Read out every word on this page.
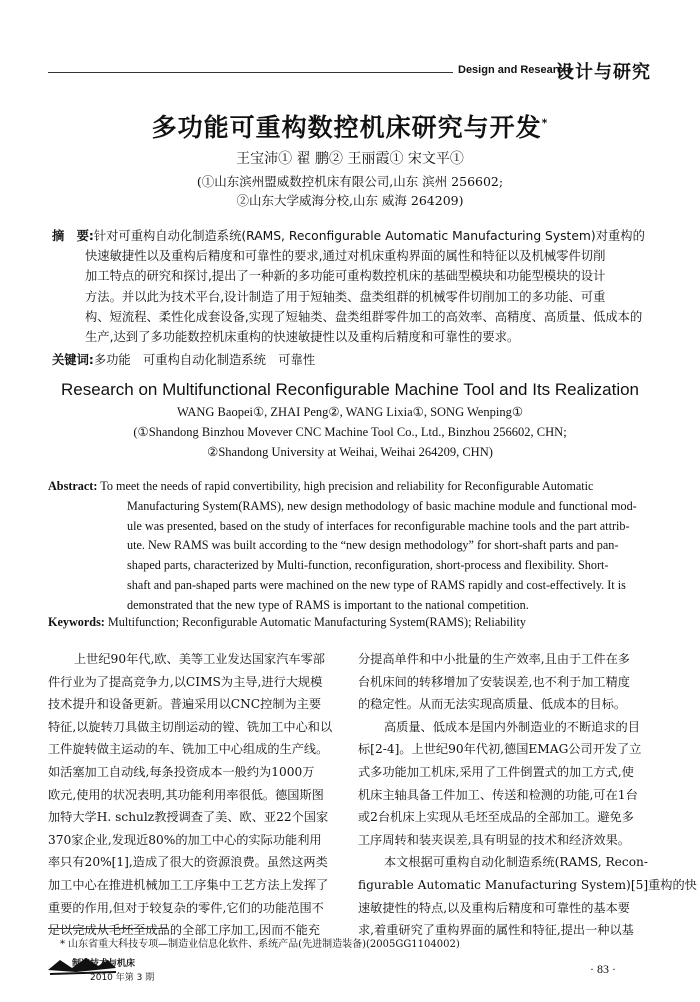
Design and Research
设计与研究
多功能可重构数控机床研究与开发*
王宝沛① 翟 鹏② 王丽霞① 宋文平①
(①山东滨州盟威数控机床有限公司,山东 滨州 256602;
②山东大学威海分校,山东 威海 264209)
摘　要:针对可重构自动化制造系统(RAMS, Reconfigurable Automatic Manufacturing System)对重构的
快速敏捷性以及重构后精度和可靠性的要求,通过对机床重构界面的属性和特征以及机械零件切削
加工特点的研究和探讨,提出了一种新的多功能可重构数控机床的基础型模块和功能型模块的设计
方法。并以此为技术平台,设计制造了用于短轴类、盘类组群的机械零件切削加工的多功能、可重
构、短流程、柔性化成套设备,实现了短轴类、盘类组群零件加工的高效率、高精度、高质量、低成本的
生产,达到了多功能数控机床重构的快速敏捷性以及重构后精度和可靠性的要求。
关键词:多功能　可重构自动化制造系统　可靠性
Research on Multifunctional Reconfigurable Machine Tool and Its Realization
WANG Baopei①, ZHAI Peng②, WANG Lixia①, SONG Wenping①
(①Shandong Binzhou Movever CNC Machine Tool Co., Ltd., Binzhou 256602, CHN;
②Shandong University at Weihai, Weihai 264209, CHN)
Abstract: To meet the needs of rapid convertibility, high precision and reliability for Reconfigurable Automatic
Manufacturing System(RAMS), new design methodology of basic machine module and functional mod-
ule was presented, based on the study of interfaces for reconfigurable machine tools and the part attrib-
ute. New RAMS was built according to the “new design methodology” for short-shaft parts and pan-
shaped parts, characterized by Multi-function, reconfiguration, short-process and flexibility. Short-
shaft and pan-shaped parts were machined on the new type of RAMS rapidly and cost-effectively. It is
demonstrated that the new type of RAMS is important to the national competition.
Keywords: Multifunction; Reconfigurable Automatic Manufacturing System(RAMS); Reliability
上世纪90年代,欧、美等工业发达国家汽车零部
件行业为了提高竞争力,以CIMS为主导,进行大规模
技术提升和设备更新。普遍采用以CNC控制为主要
特征,以旋转刀具做主切削运动的镗、铣加工中心和以
工件旋转做主运动的车、铣加工中心组成的生产线。
如活塞加工自动线,每条投资成本一般约为1000万
欧元,使用的状况表明,其功能利用率很低。德国斯图
加特大学H. schulz教授调查了美、欧、亚22个国家
370家企业,发现近80%的加工中心的实际功能利用
率只有20%[1],造成了很大的资源浪费。虽然这两类
加工中心在推进机械加工工序集中工艺方法上发挥了
重要的作用,但对于较复杂的零件,它们的功能范围不
足以完成从毛坯至成品的全部工序加工,因而不能充
分提高单件和中小批量的生产效率,且由于工件在多
台机床间的转移增加了安装误差,也不利于加工精度
的稳定性。从而无法实现高质量、低成本的目标。
高质量、低成本是国内外制造业的不断追求的目
标[2-4]。上世纪90年代初,德国EMAG公司开发了立
式多功能加工机床,采用了工件倒置式的加工方式,使
机床主轴具备工件加工、传送和检测的功能,可在1台
或2台机床上实现从毛坯至成品的全部加工。避免多
工序周转和装夹误差,具有明显的技术和经济效果。
本文根据可重构自动化制造系统(RAMS, Recon-
figurable Automatic Manufacturing System)[5]重构的快
速敏捷性的特点,以及重构后精度和可靠性的基本要
求,着重研究了重构界面的属性和特征,提出一种以基
* 山东省重大科技专项—制造业信息化软件、系统产品(先进制造装备)(2005GG1104002)
制造技术与机床
2010 年第 3 期
· 83 ·
